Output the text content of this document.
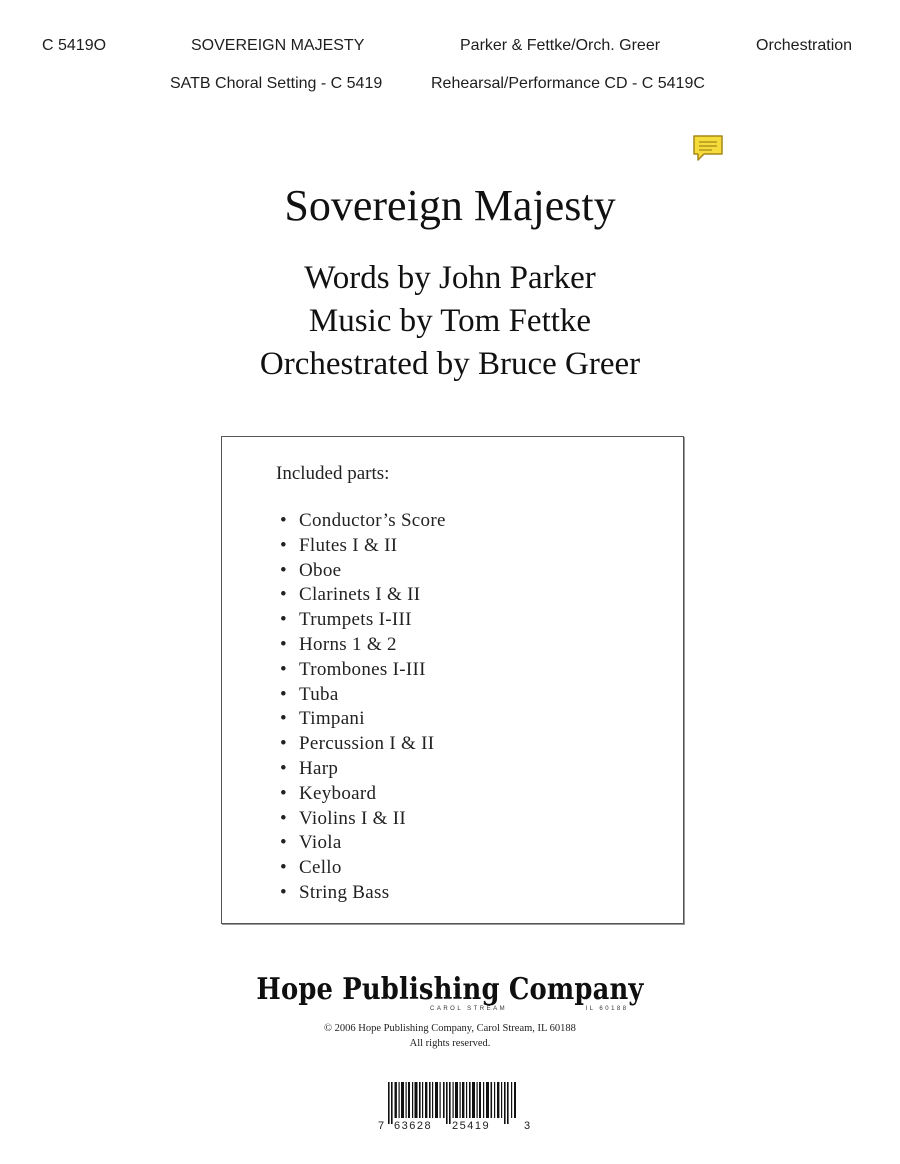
C 5419O	SOVEREIGN MAJESTY	Parker & Fettke/Orch. Greer	Orchestration
SATB Choral Setting - C 5419	Rehearsal/Performance CD - C 5419C
Sovereign Majesty
Words by John Parker
Music by Tom Fettke
Orchestrated by Bruce Greer
Included parts:
• Conductor’s Score
• Flutes I & II
• Oboe
• Clarinets I & II
• Trumpets I-III
• Horns 1 & 2
• Trombones I-III
• Tuba
• Timpani
• Percussion I & II
• Harp
• Keyboard
• Violins I & II
• Viola
• Cello
• String Bass
Hope Publishing Company
CAROL STREAM	IL 60188
© 2006 Hope Publishing Company, Carol Stream, IL 60188
All rights reserved.
7 63628 25419	3
